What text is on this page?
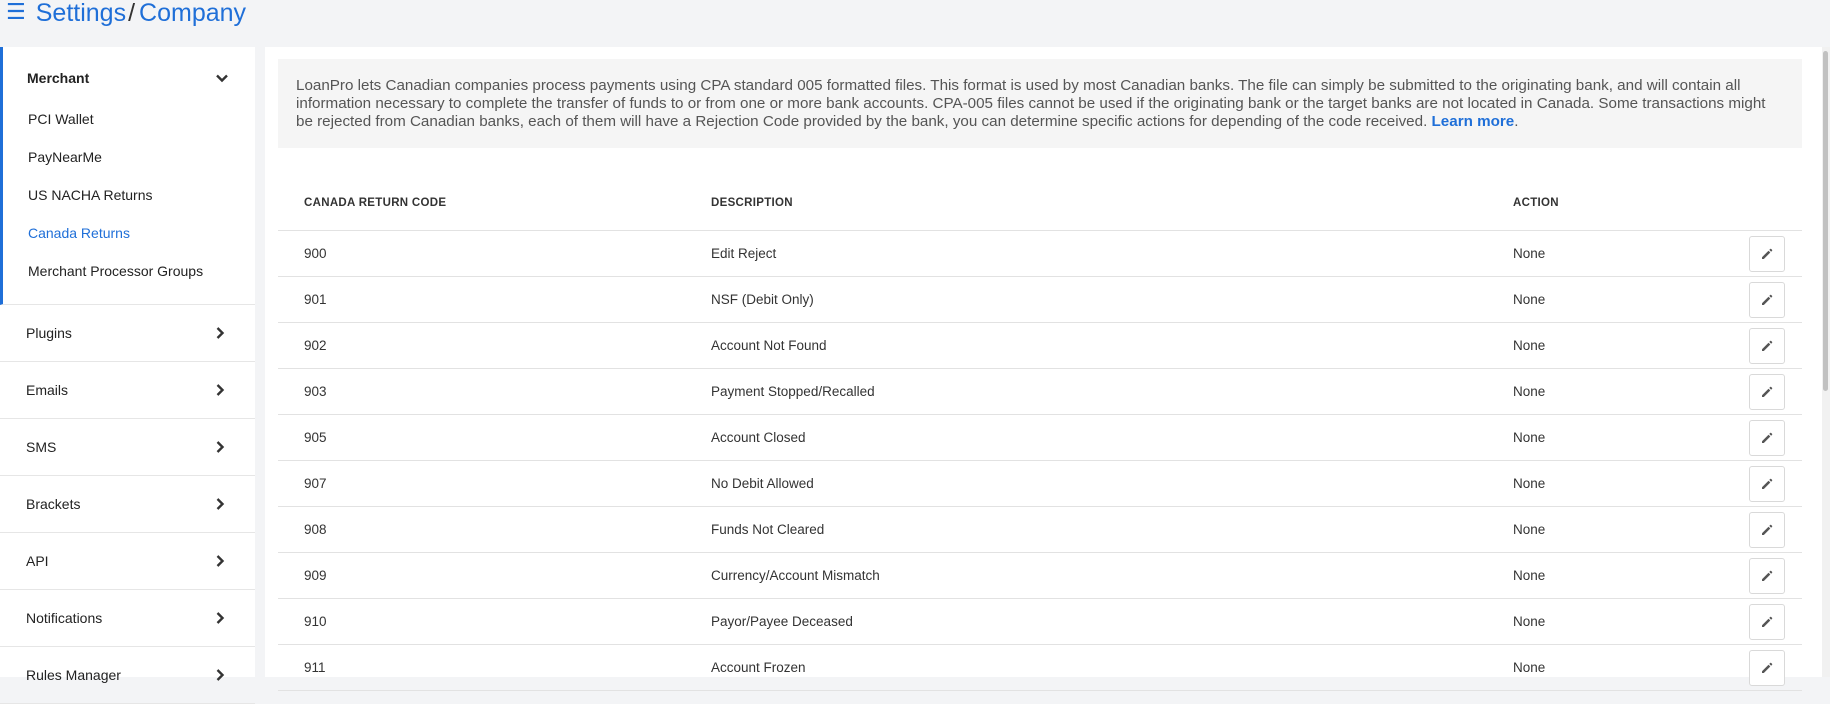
☰ Settings / Company
Merchant
PCI Wallet
PayNearMe
US NACHA Returns
Canada Returns
Merchant Processor Groups
Plugins
Emails
SMS
Brackets
API
Notifications
Rules Manager
LoanPro lets Canadian companies process payments using CPA standard 005 formatted files. This format is used by most Canadian banks. The file can simply be submitted to the originating bank, and will contain all information necessary to complete the transfer of funds to or from one or more bank accounts. CPA-005 files cannot be used if the originating bank or the target banks are not located in Canada. Some transactions might be rejected from Canadian banks, each of them will have a Rejection Code provided by the bank, you can determine specific actions for depending of the code received. Learn more.
CANADA RETURN CODE	DESCRIPTION	ACTION
900	Edit Reject	None
901	NSF (Debit Only)	None
902	Account Not Found	None
903	Payment Stopped/Recalled	None
905	Account Closed	None
907	No Debit Allowed	None
908	Funds Not Cleared	None
909	Currency/Account Mismatch	None
910	Payor/Payee Deceased	None
911	Account Frozen	None
